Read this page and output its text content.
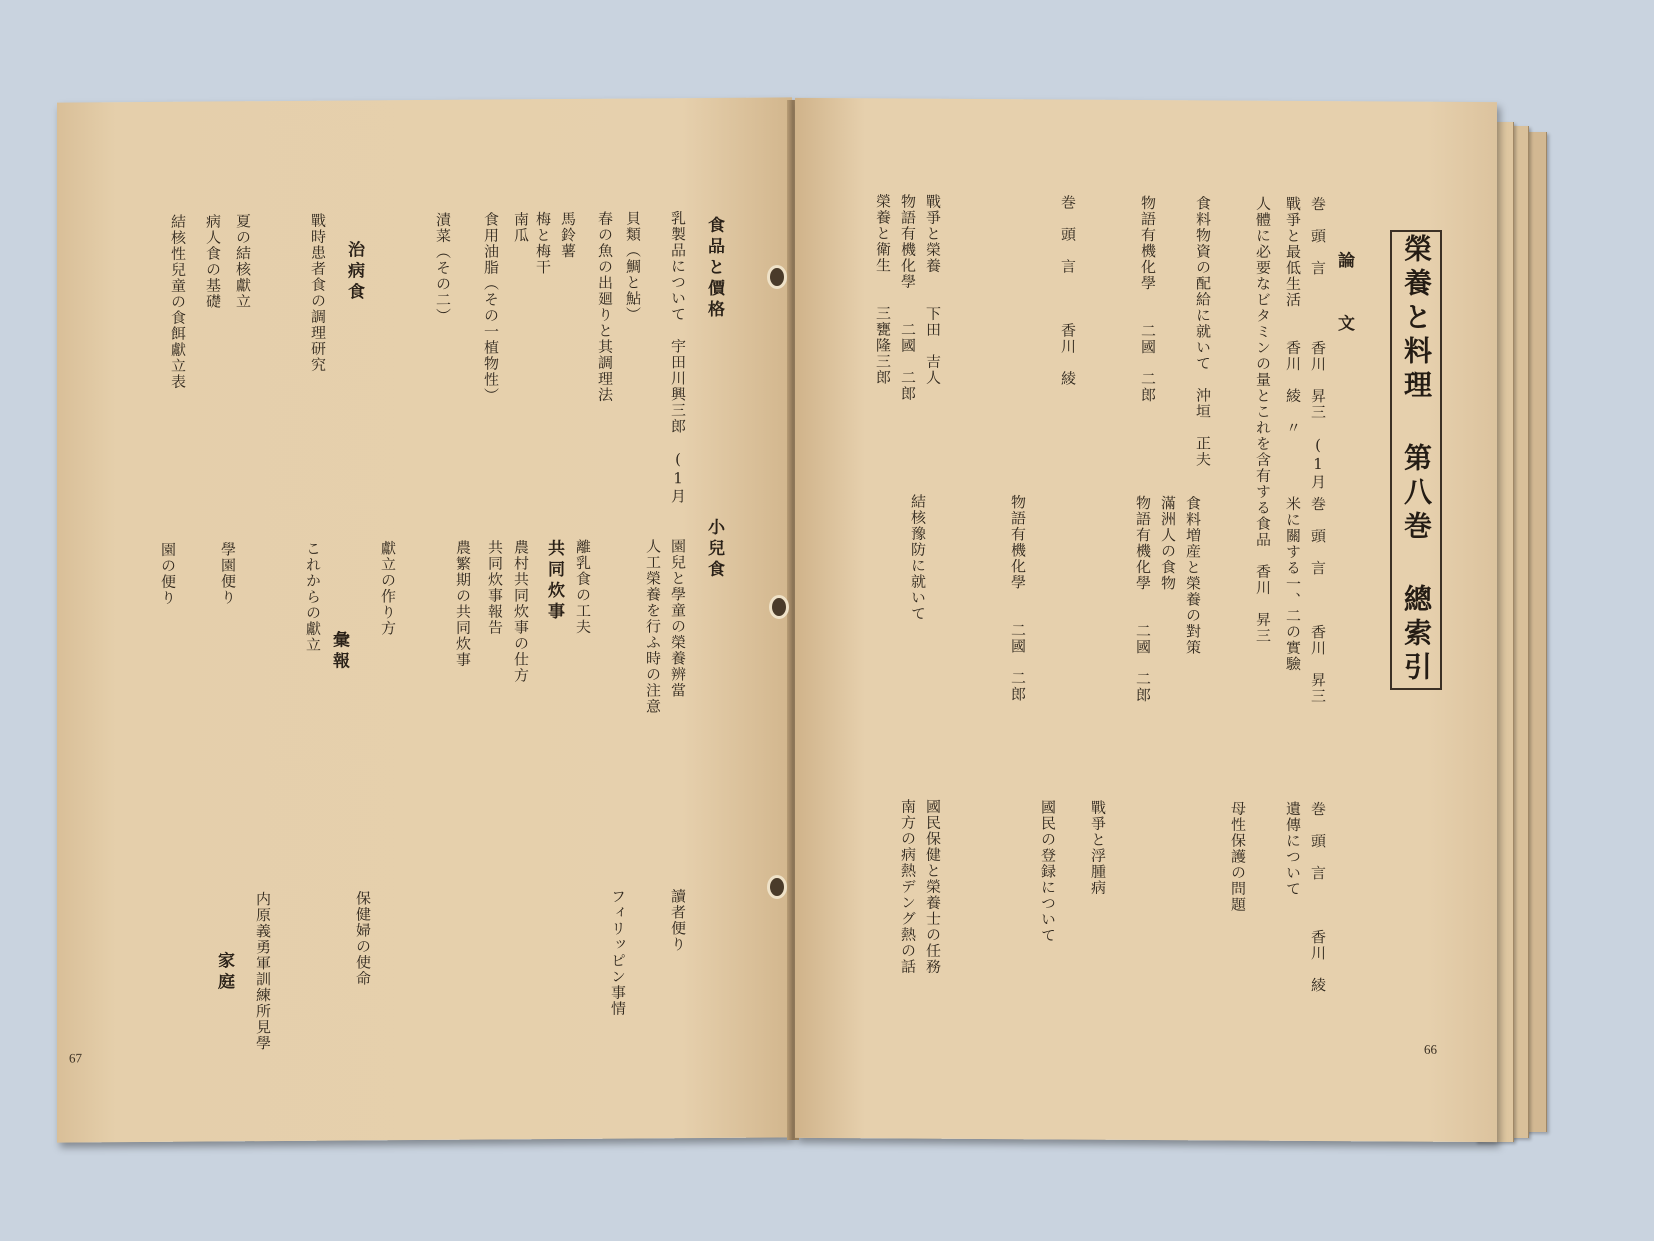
食品と價格
乳製品について　宇田川興三郎　(1月
貝類（鯛と鮎）
春の魚の出廻りと其調理法
馬鈴薯
梅と梅干
南瓜
食用油脂（その一植物性）
漬菜（その二）
治病食
戰時患者食の調理研究
夏の結核獻立
病人食の基礎
結核性兒童の食餌獻立表
小兒食
園兒と學童の榮養辨當
人工榮養を行ふ時の注意
離乳食の工夫
共同炊事
農村共同炊事の仕方
共同炊事報告
農繁期の共同炊事
獻立の作り方
彙報
これからの獻立
學園便り
園の便り
家庭
讀者便り
フィリッピン事情
内原義勇軍訓練所見學	保健婦の使命
67
論　　文
巻　頭　言　　　　香川　昇三　(1月
戰爭と最低生活　　香川　綾　〃
人體に必要なビタミンの量とこれを含有する食品　香川　昇三
食料物資の配給に就いて　沖垣　正夫
物語有機化學　　二國　二郎
巻　頭　言　　　香川　綾
戰爭と榮養　　下田　吉人
物語有機化學　　二國　二郎
榮養と衛生　　三甕隆三郎
巻　頭　言　　　香川　昇三
米に關する一、二の實驗
食料増産と榮養の對策
滿洲人の食物
物語有機化學　　二國　二郎
結核豫防に就いて	物語有機化學　　二國　二郎
巻　頭　言　　　香川　綾
遺傳について
母性保護の問題
戰爭と浮腫病
國民の登録について
國民保健と榮養士の任務
南方の病熱デング熱の話
66
榮養と料理 第八巻 總索引
